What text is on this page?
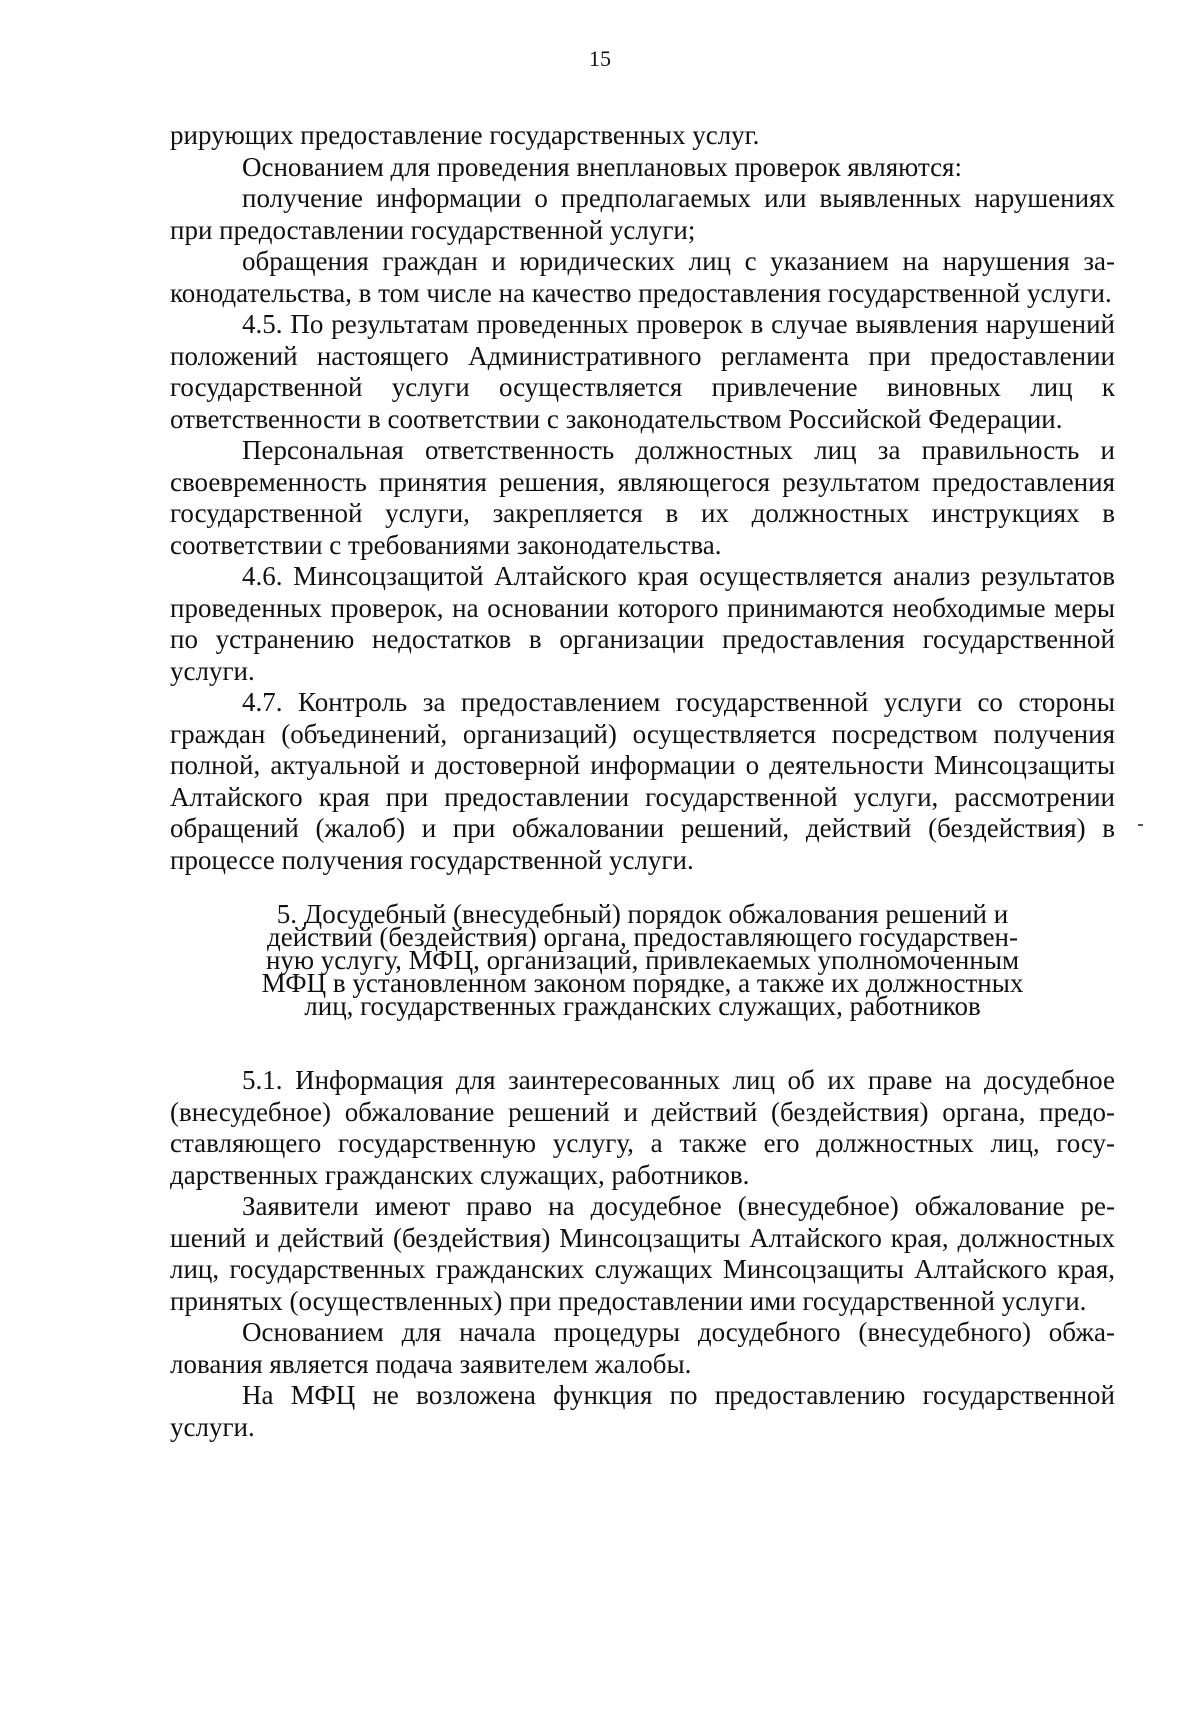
15

рирующих предоставление государственных услуг.

Основанием для проведения внеплановых проверок являются:

получение информации о предполагаемых или выявленных нарушениях при предоставлении государственной услуги;

обращения граждан и юридических лиц с указанием на нарушения законодательства, в том числе на качество предоставления государственной услуги.

4.5. По результатам проведенных проверок в случае выявления нарушений положений настоящего Административного регламента при предоставлении государственной услуги осуществляется привлечение виновных лиц к ответственности в соответствии с законодательством Российской Федерации.

Персональная ответственность должностных лиц за правильность и своевременность принятия решения, являющегося результатом предоставления государственной услуги, закрепляется в их должностных инструкциях в соответствии с требованиями законодательства.

4.6. Минсоцзащитой Алтайского края осуществляется анализ результатов проведенных проверок, на основании которого принимаются необходимые меры по устранению недостатков в организации предоставления государственной услуги.

4.7. Контроль за предоставлением государственной услуги со стороны граждан (объединений, организаций) осуществляется посредством получения полной, актуальной и достоверной информации о деятельности Минсоцзащиты Алтайского края при предоставлении государственной услуги, рассмотрении обращений (жалоб) и при обжаловании решений, действий (бездействия) в процессе получения государственной услуги.

5. Досудебный (внесудебный) порядок обжалования решений и
действий (бездействия) органа, предоставляющего государствен-
ную услугу, МФЦ, организаций, привлекаемых уполномоченным
МФЦ в установленном законом порядке, а также их должностных
лиц, государственных гражданских служащих, работников

5.1. Информация для заинтересованных лиц об их праве на досудебное (внесудебное) обжалование решений и действий (бездействия) органа, предоставляющего государственную услугу, а также его должностных лиц, государственных гражданских служащих, работников.

Заявители имеют право на досудебное (внесудебное) обжалование решений и действий (бездействия) Минсоцзащиты Алтайского края, должностных лиц, государственных гражданских служащих Минсоцзащиты Алтайского края, принятых (осуществленных) при предоставлении ими государственной услуги.

Основанием для начала процедуры досудебного (внесудебного) обжалования является подача заявителем жалобы.

На МФЦ не возложена функция по предоставлению государственной услуги.
